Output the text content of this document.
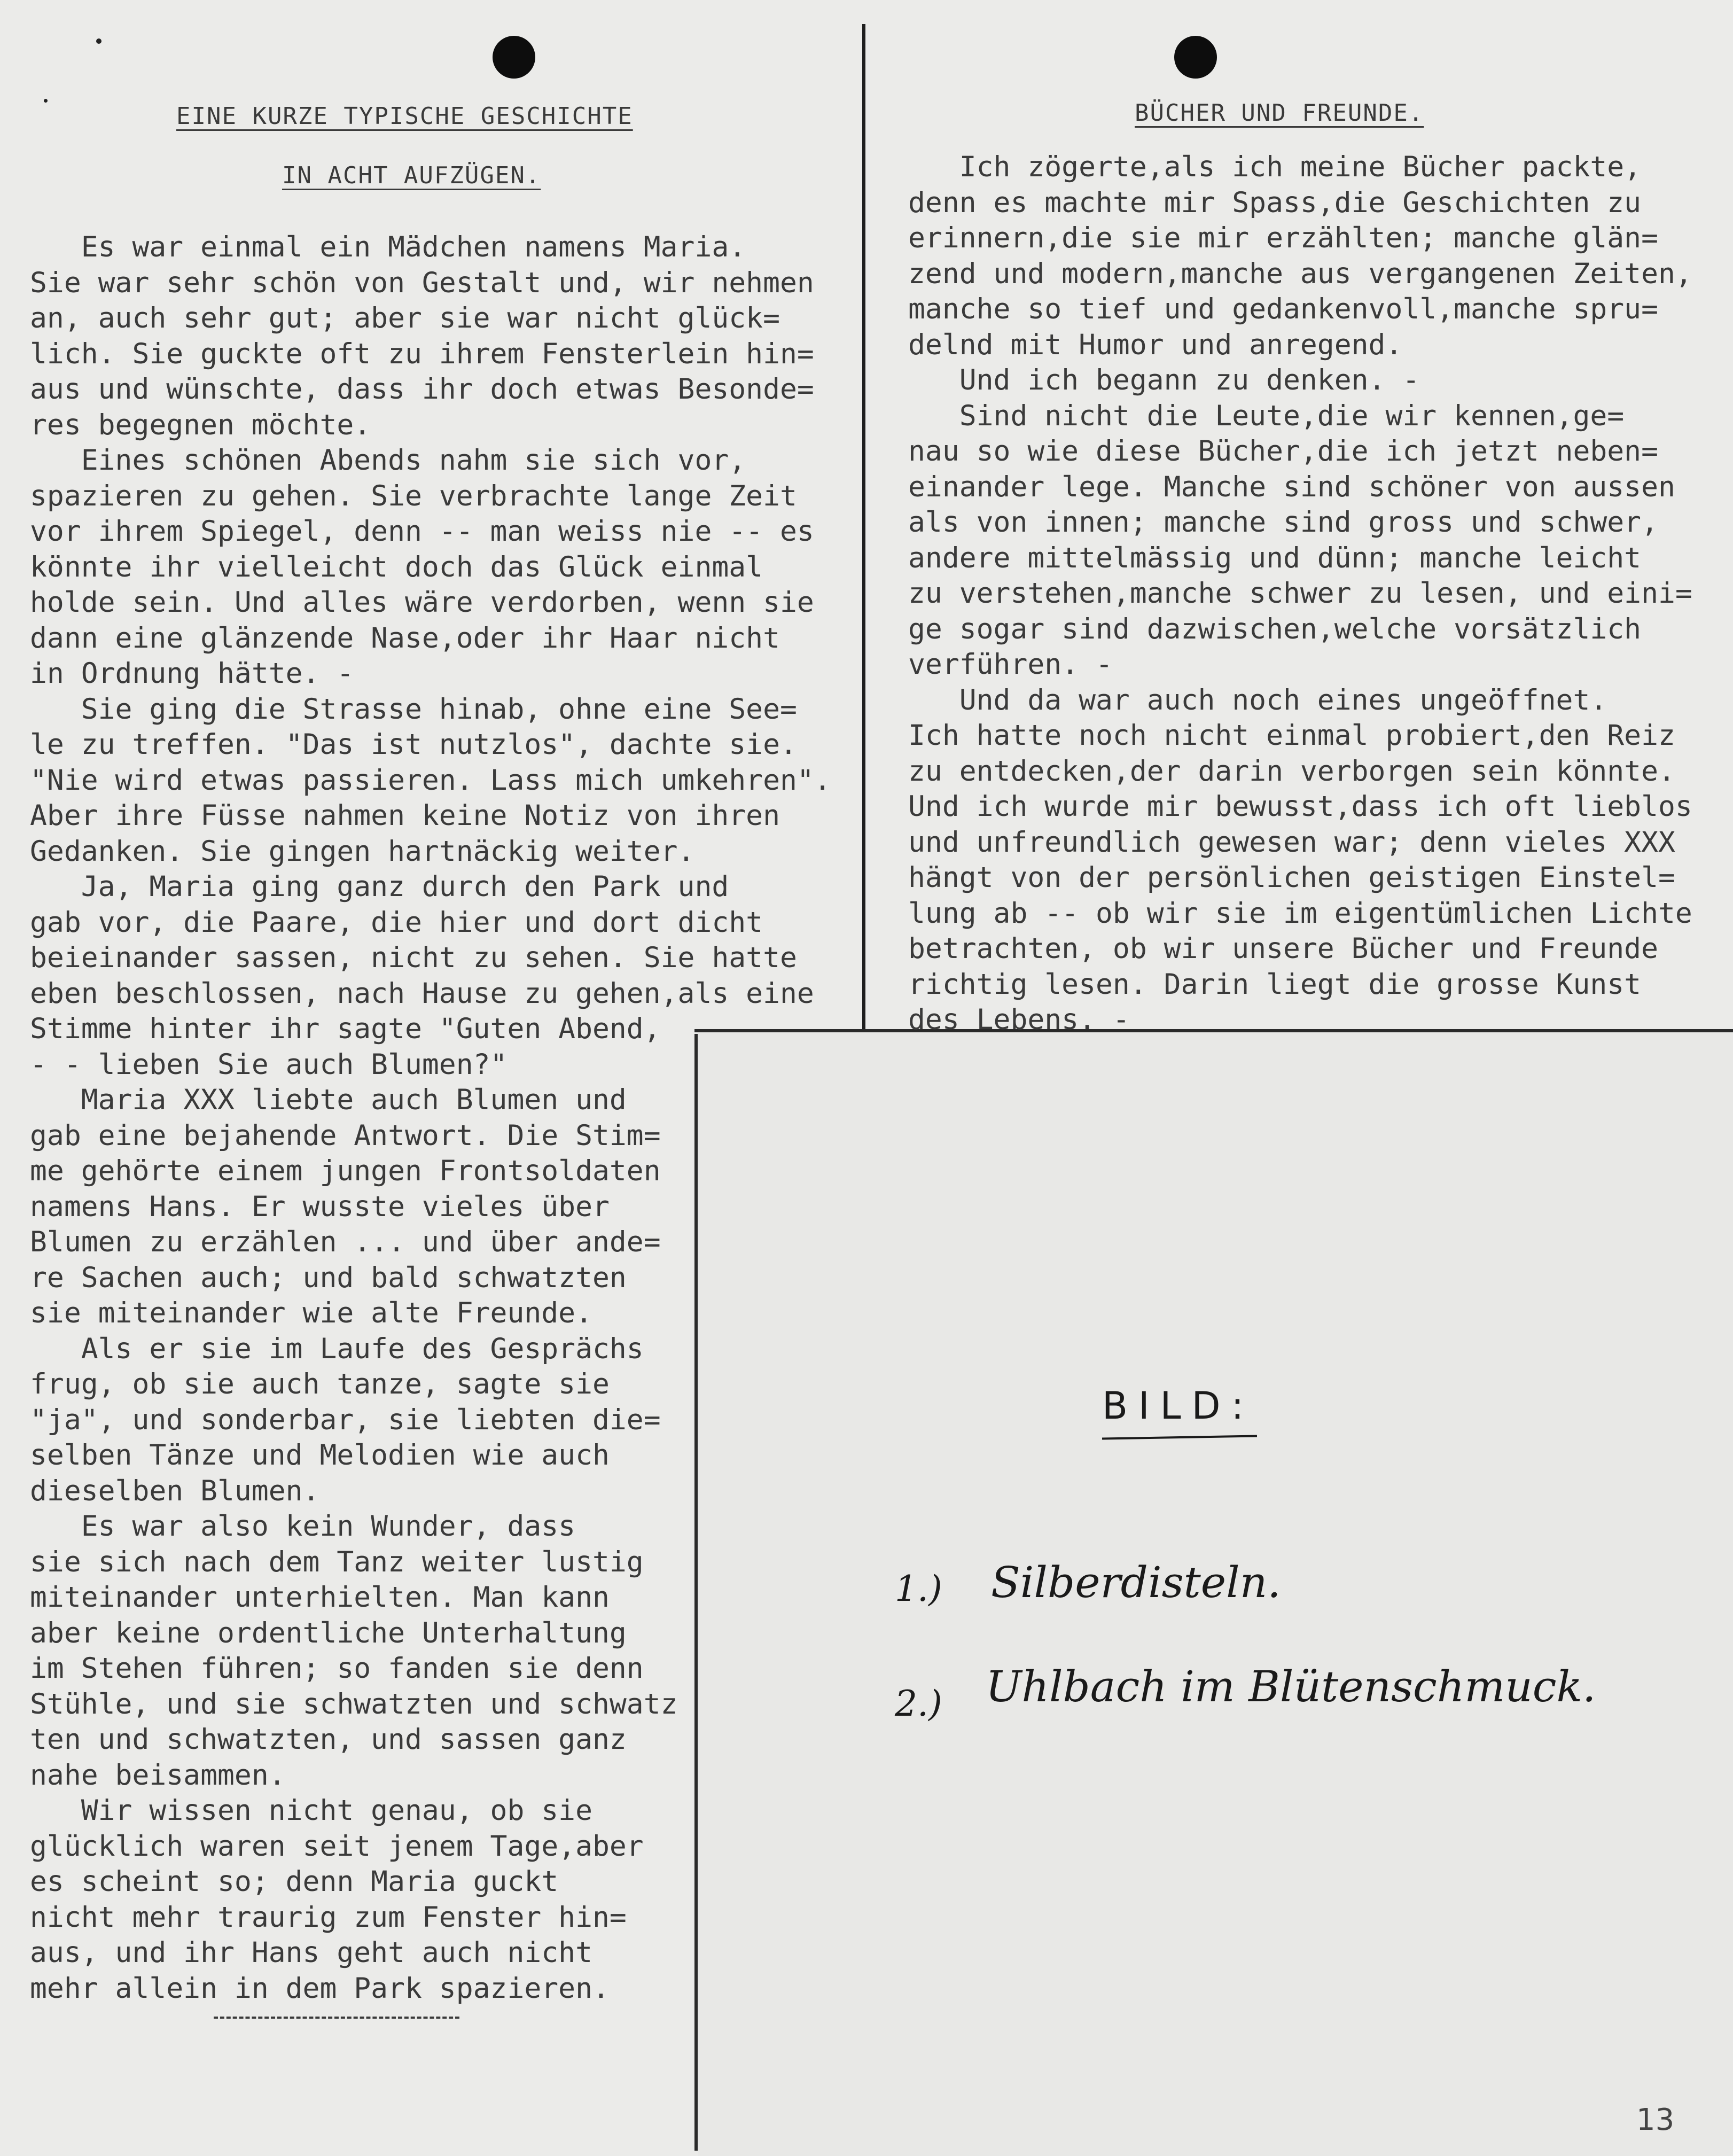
EINE KURZE TYPISCHE GESCHICHTE
IN ACHT AUFZÜGEN.
Es war einmal ein Mädchen namens Maria.
Sie war sehr schön von Gestalt und, wir nehmen
an, auch sehr gut; aber sie war nicht glück=
lich. Sie guckte oft zu ihrem Fensterlein hin=
aus und wünschte, dass ihr doch etwas Besonde=
res begegnen möchte.
Eines schönen Abends nahm sie sich vor,
spazieren zu gehen. Sie verbrachte lange Zeit
vor ihrem Spiegel, denn -- man weiss nie -- es
könnte ihr vielleicht doch das Glück einmal
holde sein. Und alles wäre verdorben, wenn sie
dann eine glänzende Nase,oder ihr Haar nicht
in Ordnung hätte. -
Sie ging die Strasse hinab, ohne eine See=
le zu treffen. "Das ist nutzlos", dachte sie.
"Nie wird etwas passieren. Lass mich umkehren".
Aber ihre Füsse nahmen keine Notiz von ihren
Gedanken. Sie gingen hartnäckig weiter.
Ja, Maria ging ganz durch den Park und
gab vor, die Paare, die hier und dort dicht
beieinander sassen, nicht zu sehen. Sie hatte
eben beschlossen, nach Hause zu gehen,als eine
Stimme hinter ihr sagte "Guten Abend,
- - lieben Sie auch Blumen?"
Maria XXX liebte auch Blumen und
gab eine bejahende Antwort. Die Stim=
me gehörte einem jungen Frontsoldaten
namens Hans. Er wusste vieles über
Blumen zu erzählen ... und über ande=
re Sachen auch; und bald schwatzten
sie miteinander wie alte Freunde.
Als er sie im Laufe des Gesprächs
frug, ob sie auch tanze, sagte sie
"ja", und sonderbar, sie liebten die=
selben Tänze und Melodien wie auch
dieselben Blumen.
Es war also kein Wunder, dass
sie sich nach dem Tanz weiter lustig
miteinander unterhielten. Man kann
aber keine ordentliche Unterhaltung
im Stehen führen; so fanden sie denn
Stühle, und sie schwatzten und schwatz
ten und schwatzten, und sassen ganz
nahe beisammen.
Wir wissen nicht genau, ob sie
glücklich waren seit jenem Tage,aber
es scheint so; denn Maria guckt
nicht mehr traurig zum Fenster hin=
aus, und ihr Hans geht auch nicht
mehr allein in dem Park spazieren.
BÜCHER UND FREUNDE.
Ich zögerte,als ich meine Bücher packte,
denn es machte mir Spass,die Geschichten zu
erinnern,die sie mir erzählten; manche glän=
zend und modern,manche aus vergangenen Zeiten,
manche so tief und gedankenvoll,manche spru=
delnd mit Humor und anregend.
Und ich begann zu denken. -
Sind nicht die Leute,die wir kennen,ge=
nau so wie diese Bücher,die ich jetzt neben=
einander lege. Manche sind schöner von aussen
als von innen; manche sind gross und schwer,
andere mittelmässig und dünn; manche leicht
zu verstehen,manche schwer zu lesen, und eini=
ge sogar sind dazwischen,welche vorsätzlich
verführen. -
Und da war auch noch eines ungeöffnet.
Ich hatte noch nicht einmal probiert,den Reiz
zu entdecken,der darin verborgen sein könnte.
Und ich wurde mir bewusst,dass ich oft lieblos
und unfreundlich gewesen war; denn vieles XXX
hängt von der persönlichen geistigen Einstel=
lung ab -- ob wir sie im eigentümlichen Lichte
betrachten, ob wir unsere Bücher und Freunde
richtig lesen. Darin liegt die grosse Kunst
des Lebens. -
BILD:
1.) Silberdisteln.
2.) Uhlbach im Blütenschmuck.
13
